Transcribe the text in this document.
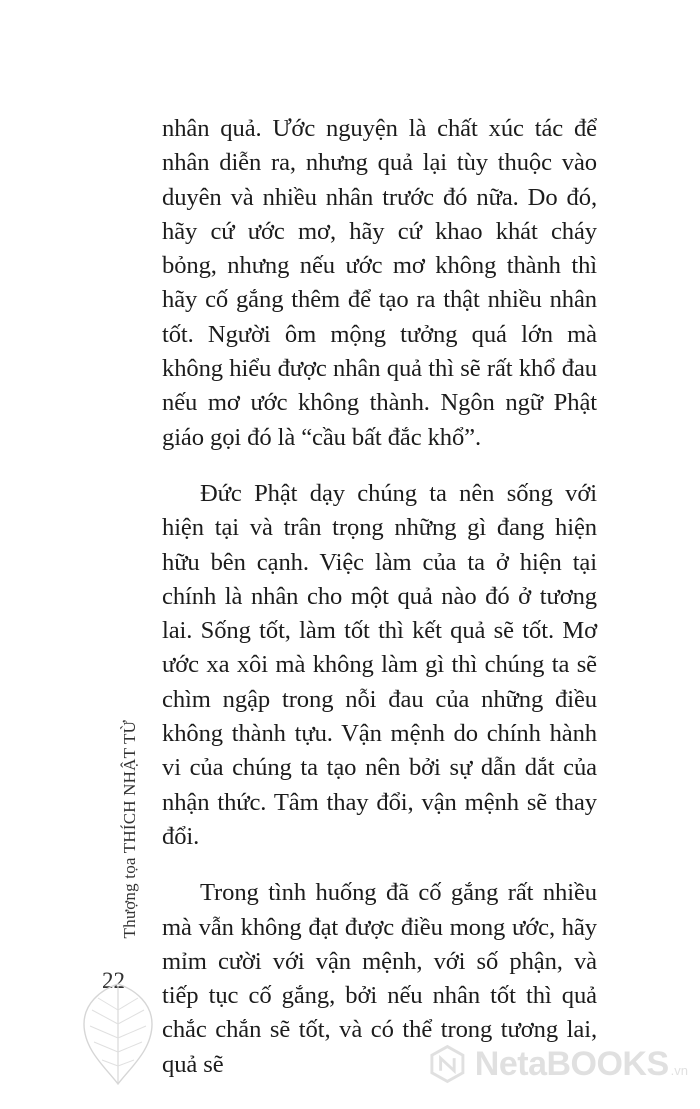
nhân quả. Ước nguyện là chất xúc tác để nhân diễn ra, nhưng quả lại tùy thuộc vào duyên và nhiều nhân trước đó nữa. Do đó, hãy cứ ước mơ, hãy cứ khao khát cháy bỏng, nhưng nếu ước mơ không thành thì hãy cố gắng thêm để tạo ra thật nhiều nhân tốt. Người ôm mộng tưởng quá lớn mà không hiểu được nhân quả thì sẽ rất khổ đau nếu mơ ước không thành. Ngôn ngữ Phật giáo gọi đó là “cầu bất đắc khổ”.

Đức Phật dạy chúng ta nên sống với hiện tại và trân trọng những gì đang hiện hữu bên cạnh. Việc làm của ta ở hiện tại chính là nhân cho một quả nào đó ở tương lai. Sống tốt, làm tốt thì kết quả sẽ tốt. Mơ ước xa xôi mà không làm gì thì chúng ta sẽ chìm ngập trong nỗi đau của những điều không thành tựu. Vận mệnh do chính hành vi của chúng ta tạo nên bởi sự dẫn dắt của nhận thức. Tâm thay đổi, vận mệnh sẽ thay đổi.

Trong tình huống đã cố gắng rất nhiều mà vẫn không đạt được điều mong ước, hãy mỉm cười với vận mệnh, với số phận, và tiếp tục cố gắng, bởi nếu nhân tốt thì quả chắc chắn sẽ tốt, và có thể trong tương lai, quả sẽ

Thượng tọa THÍCH NHẬT TỪ
22
NetaBOOKS .vn
